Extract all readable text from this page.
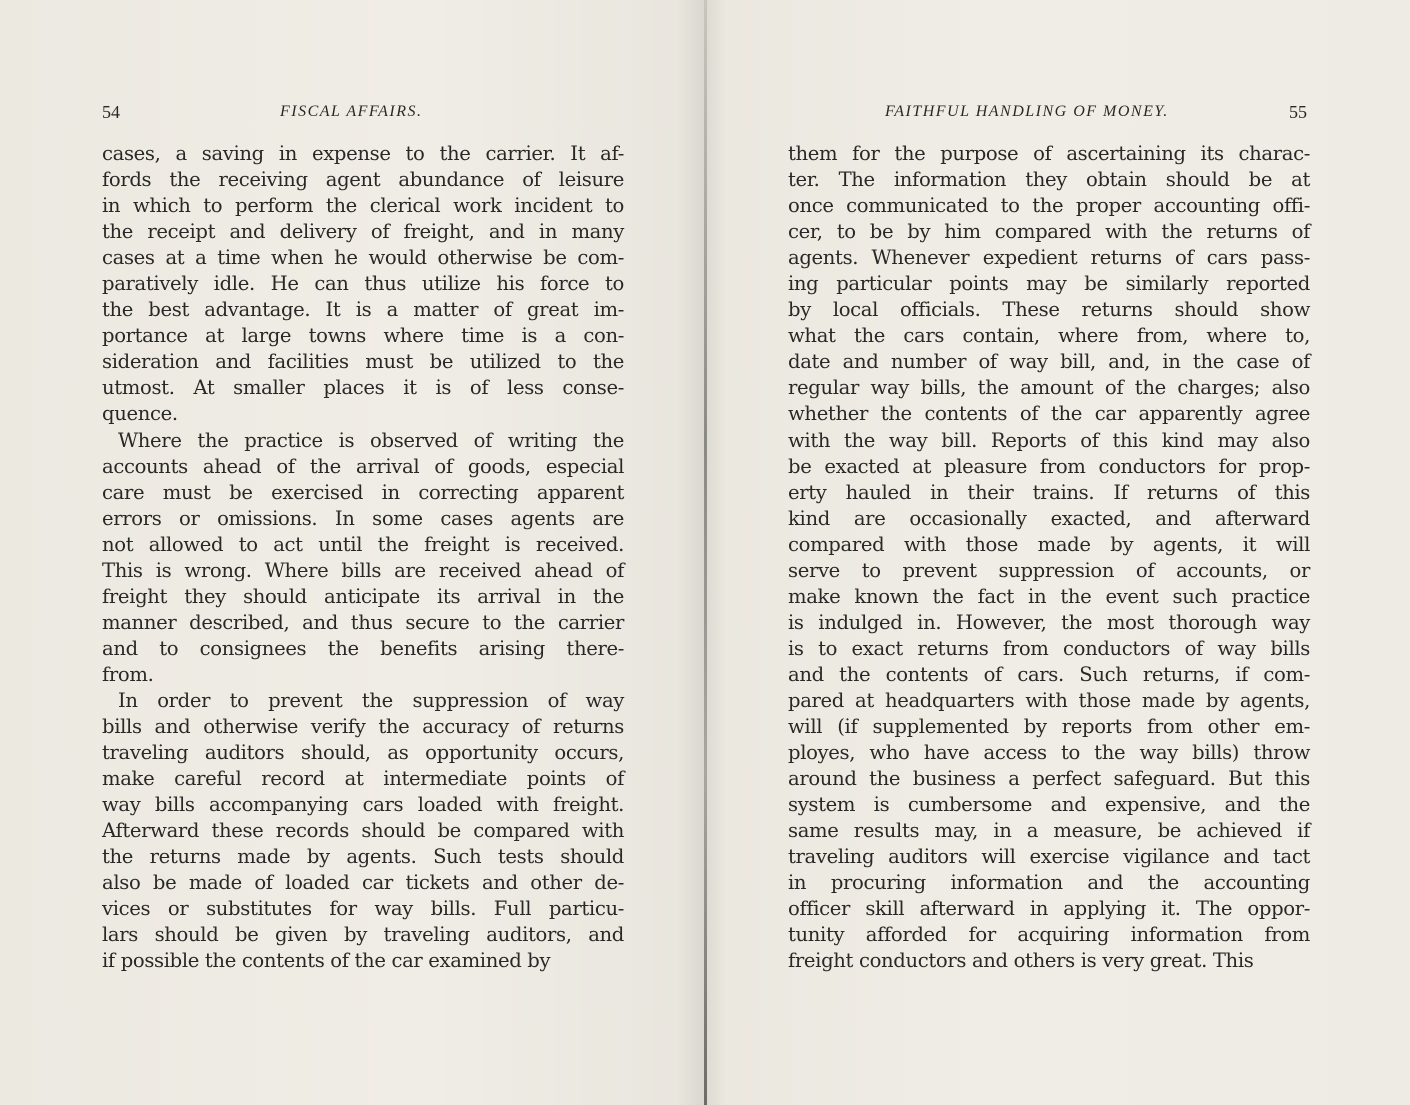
54	FISCAL AFFAIRS.
cases, a saving in expense to the carrier. It af-
fords the receiving agent abundance of leisure
in which to perform the clerical work incident to
the receipt and delivery of freight, and in many
cases at a time when he would otherwise be com-
paratively idle. He can thus utilize his force to
the best advantage. It is a matter of great im-
portance at large towns where time is a con-
sideration and facilities must be utilized to the
utmost. At smaller places it is of less conse-
quence.
Where the practice is observed of writing the
accounts ahead of the arrival of goods, especial
care must be exercised in correcting apparent
errors or omissions. In some cases agents are
not allowed to act until the freight is received.
This is wrong. Where bills are received ahead of
freight they should anticipate its arrival in the
manner described, and thus secure to the carrier
and to consignees the benefits arising there-
from.
In order to prevent the suppression of way
bills and otherwise verify the accuracy of returns
traveling auditors should, as opportunity occurs,
make careful record at intermediate points of
way bills accompanying cars loaded with freight.
Afterward these records should be compared with
the returns made by agents. Such tests should
also be made of loaded car tickets and other de-
vices or substitutes for way bills. Full particu-
lars should be given by traveling auditors, and
if possible the contents of the car examined by
FAITHFUL HANDLING OF MONEY.	55
them for the purpose of ascertaining its charac-
ter. The information they obtain should be at
once communicated to the proper accounting offi-
cer, to be by him compared with the returns of
agents. Whenever expedient returns of cars pass-
ing particular points may be similarly reported
by local officials. These returns should show
what the cars contain, where from, where to,
date and number of way bill, and, in the case of
regular way bills, the amount of the charges; also
whether the contents of the car apparently agree
with the way bill. Reports of this kind may also
be exacted at pleasure from conductors for prop-
erty hauled in their trains. If returns of this
kind are occasionally exacted, and afterward
compared with those made by agents, it will
serve to prevent suppression of accounts, or
make known the fact in the event such practice
is indulged in. However, the most thorough way
is to exact returns from conductors of way bills
and the contents of cars. Such returns, if com-
pared at headquarters with those made by agents,
will (if supplemented by reports from other em-
ployes, who have access to the way bills) throw
around the business a perfect safeguard. But this
system is cumbersome and expensive, and the
same results may, in a measure, be achieved if
traveling auditors will exercise vigilance and tact
in procuring information and the accounting
officer skill afterward in applying it. The oppor-
tunity afforded for acquiring information from
freight conductors and others is very great. This
